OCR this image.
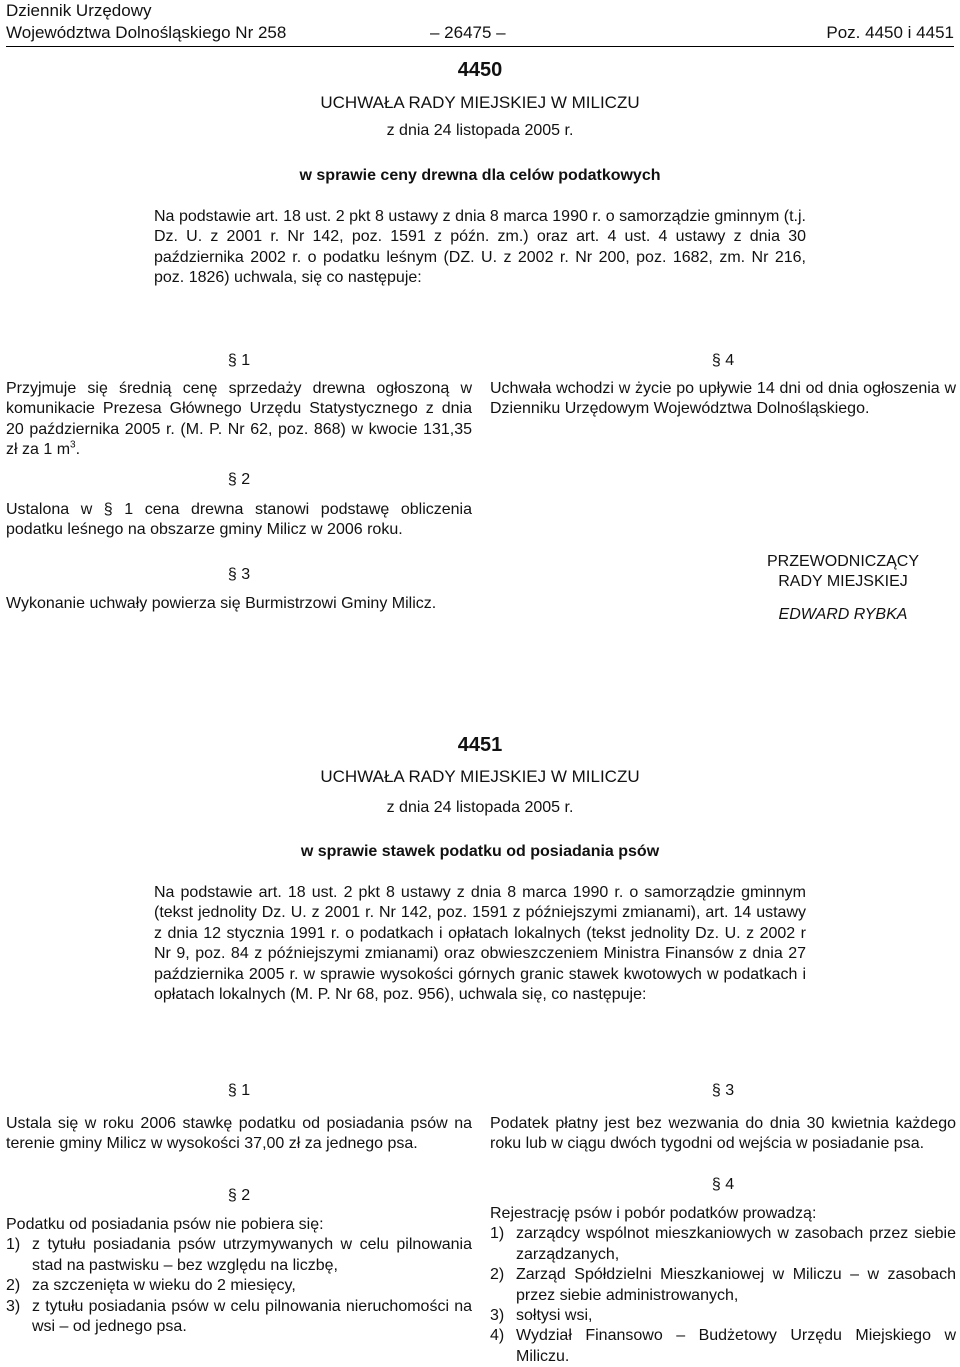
Dziennik Urzędowy
Województwa Dolnośląskiego Nr 258	– 26475 –	Poz. 4450 i 4451
4450
UCHWAŁA RADY MIEJSKIEJ W MILICZU
z dnia 24 listopada 2005 r.
w sprawie ceny drewna dla celów podatkowych

Na podstawie art. 18 ust. 2 pkt 8 ustawy z dnia 8 marca 1990 r. o samorządzie gminnym (t.j. Dz. U. z 2001 r. Nr 142, poz. 1591 z późn. zm.) oraz art. 4 ust. 4 ustawy z dnia 30 października 2002 r. o podatku leśnym (DZ. U. z 2002 r. Nr 200, poz. 1682, zm. Nr 216, poz. 1826) uchwala, się co następuje:

§ 1

Przyjmuje się średnią cenę sprzedaży drewna ogłoszoną w komunikacie Prezesa Głównego Urzędu Statystycznego z dnia 20 października 2005 r. (M. P. Nr 62, poz. 868) w kwocie 131,35 zł za 1 $m^3$.

§ 2

Ustalona w § 1 cena drewna stanowi podstawę obliczenia podatku leśnego na obszarze gminy Milicz w 2006 roku.

§ 3

Wykonanie uchwały powierza się Burmistrzowi Gminy Milicz.

§ 4

Uchwała wchodzi w życie po upływie 14 dni od dnia ogłoszenia w Dzienniku Urzędowym Województwa Dolnośląskiego.

PRZEWODNICZĄCY
RADY MIEJSKIEJ
EDWARD RYBKA
4451
UCHWAŁA RADY MIEJSKIEJ W MILICZU
z dnia 24 listopada 2005 r.
w sprawie stawek podatku od posiadania psów

Na podstawie art. 18 ust. 2 pkt 8 ustawy z dnia 8 marca 1990 r. o samorządzie gminnym (tekst jednolity Dz. U. z 2001 r. Nr 142, poz. 1591 z późniejszymi zmianami), art. 14 ustawy z dnia 12 stycznia 1991 r. o podatkach i opłatach lokalnych (tekst jednolity Dz. U. z 2002 r Nr 9, poz. 84 z późniejszymi zmianami) oraz obwieszczeniem Ministra Finansów z dnia 27 października 2005 r. w sprawie wysokości górnych granic stawek kwotowych w podatkach i opłatach lokalnych (M. P. Nr 68, poz. 956), uchwala się, co następuje:

§ 1

Ustala się w roku 2006 stawkę podatku od posiadania psów na terenie gminy Milicz w wysokości 37,00 zł za jednego psa.

§ 2

Podatku od posiadania psów nie pobiera się:

1) z tytułu posiadania psów utrzymywanych w celu pilnowania stad na pastwisku – bez względu na liczbę,
2) za szczenięta w wieku do 2 miesięcy,
3) z tytułu posiadania psów w celu pilnowania nieruchomości na wsi – od jednego psa.
§ 3

Podatek płatny jest bez wezwania do dnia 30 kwietnia każdego roku lub w ciągu dwóch tygodni od wejścia w posiadanie psa.

§ 4

Rejestrację psów i pobór podatków prowadzą:

1) zarządcy wspólnot mieszkaniowych w zasobach przez siebie zarządzanych,
2) Zarząd Spółdzielni Mieszkaniowej w Miliczu – w zasobach przez siebie administrowanych,
3) sołtysi wsi,
4) Wydział Finansowo – Budżetowy Urzędu Miejskiego w Miliczu.
